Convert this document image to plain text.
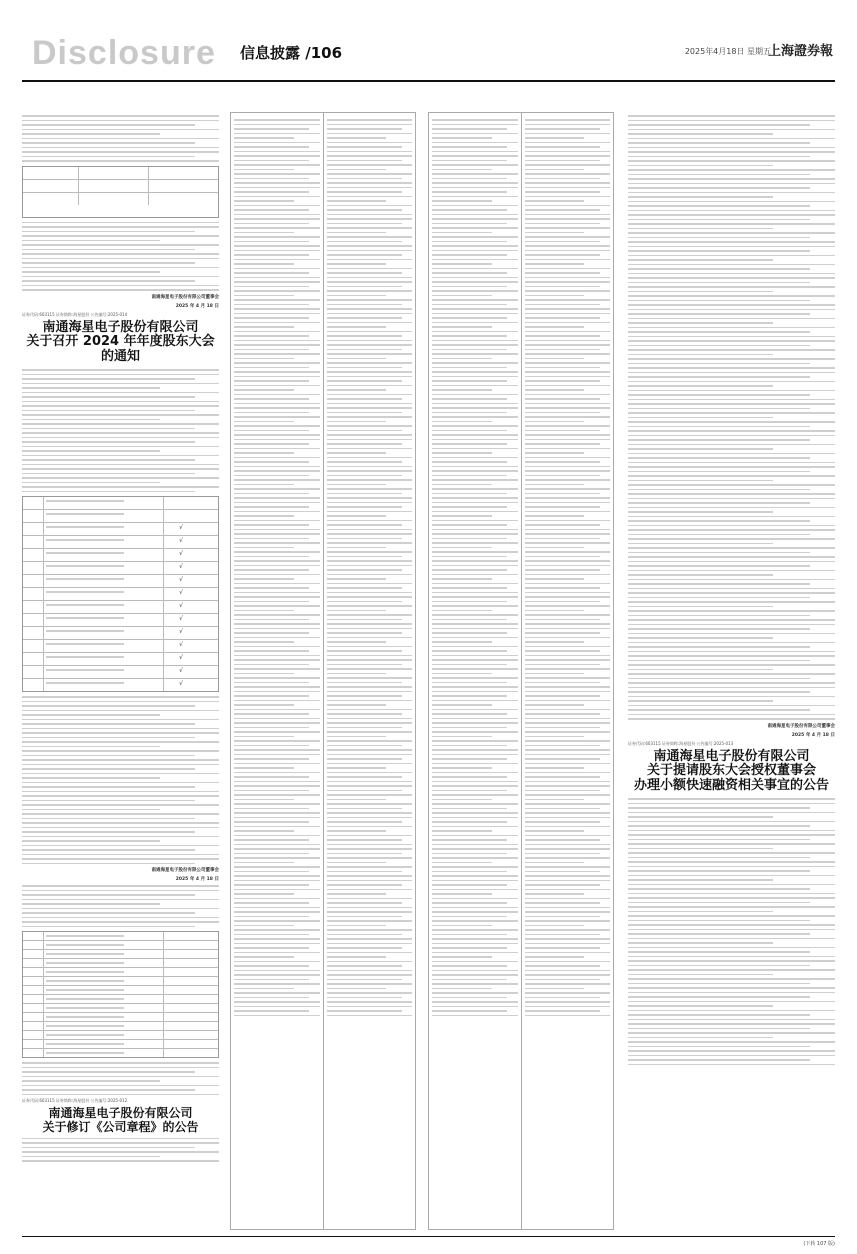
Disclosure 信息披露 /106	2025年4月18日 星期五
上海證券報
南通海星电子股份有限公司董事会
2025 年 4 月 18 日
证券代码:603115 证券简称:海星股份 公告编号:2025-014
南通海星电子股份有限公司
关于召开 2024 年年度股东大会的通知
√
√
√
√
√
√
√
√
√
√
√
√
√
南通海星电子股份有限公司董事会
2025 年 4 月 18 日
证券代码:603115 证券简称:海星股份 公告编号:2025-012
南通海星电子股份有限公司
关于修订《公司章程》的公告
南通海星电子股份有限公司董事会
2025 年 4 月 18 日
证券代码:603115 证券简称:海星股份 公告编号:2025-013
南通海星电子股份有限公司
关于提请股东大会授权董事会
办理小额快速融资相关事宜的公告
(下转 107 版)
